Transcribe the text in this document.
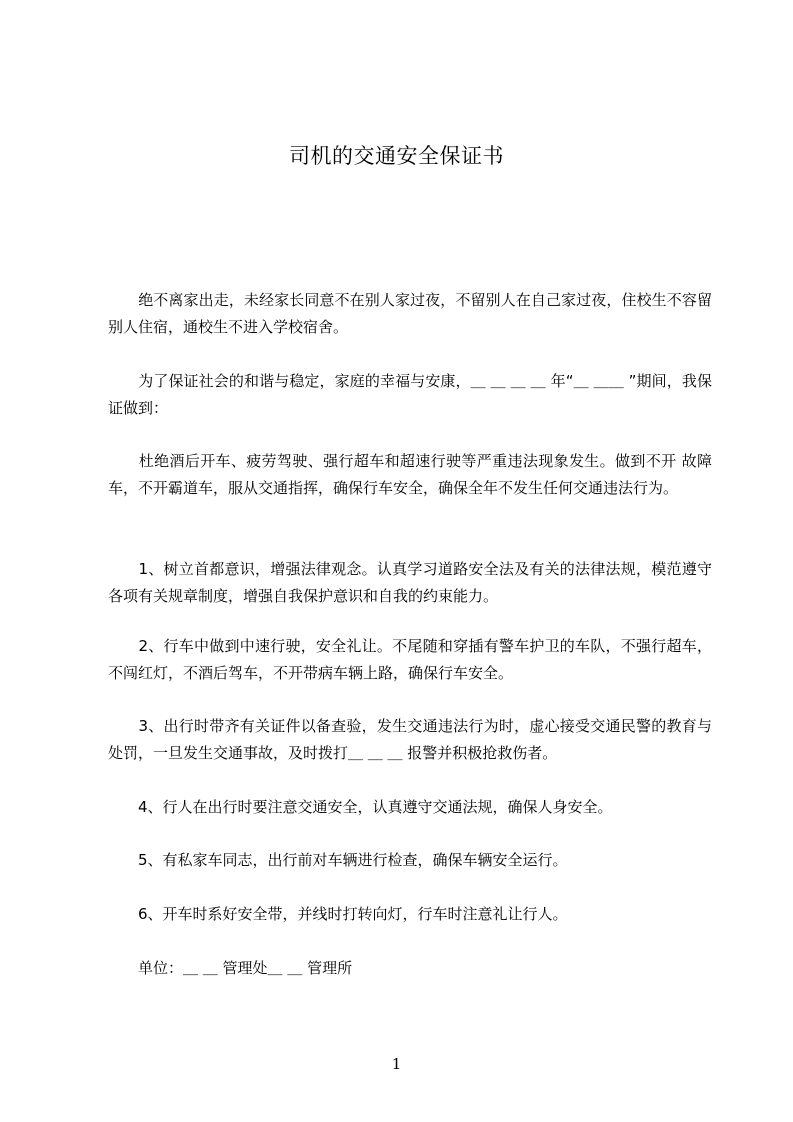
司机的交通安全保证书

　　绝不离家出走，未经家长同意不在别人家过夜，不留别人在自己家过夜，住校生不容留别人住宿，通校生不进入学校宿舍。

　　为了保证社会的和谐与稳定，家庭的幸福与安康，＿ ＿ ＿ ＿ 年“＿ ＿＿ ”期间，我保证做到：

　　杜绝酒后开车、疲劳驾驶、强行超车和超速行驶等严重违法现象发生。做到不开 故障车，不开霸道车，服从交通指挥，确保行车安全，确保全年不发生任何交通违法行为。

　　1、树立首都意识，增强法律观念。认真学习道路安全法及有关的法律法规，模范遵守各项有关规章制度，增强自我保护意识和自我的约束能力。

　　2、行车中做到中速行驶，安全礼让。不尾随和穿插有警车护卫的车队，不强行超车，不闯红灯，不酒后驾车，不开带病车辆上路，确保行车安全。

　　3、出行时带齐有关证件以备查验，发生交通违法行为时，虚心接受交通民警的教育与处罚，一旦发生交通事故，及时拨打＿ ＿ ＿ 报警并积极抢救伤者。

　　4、行人在出行时要注意交通安全，认真遵守交通法规，确保人身安全。

　　5、有私家车同志，出行前对车辆进行检查，确保车辆安全运行。

　　6、开车时系好安全带，并线时打转向灯，行车时注意礼让行人。

　　单位：＿ ＿ 管理处＿ ＿ 管理所

1
